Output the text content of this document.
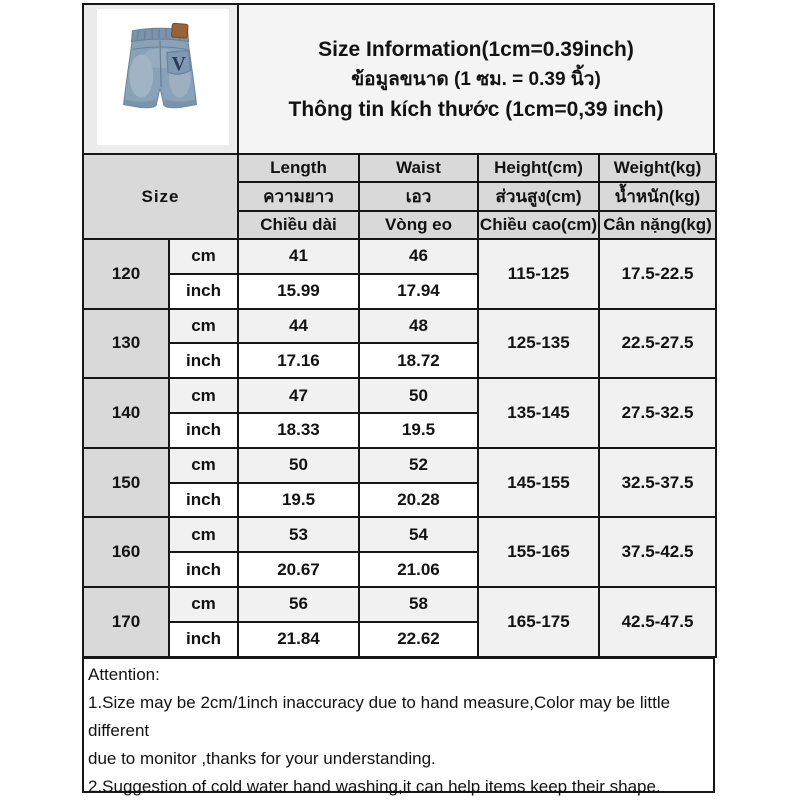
V
Size Information(1cm=0.39inch)
ข้อมูลขนาด (1 ซม. = 0.39 นิ้ว)
Thông tin kích thước (1cm=0,39 inch)
Size		Length	Waist	Height(cm)	Weight(kg)
		ความยาว	เอว	ส่วนสูง(cm)	น้ำหนัก(kg)
		Chiều dài	Vòng eo	Chiều cao(cm)	Cân nặng(kg)
120	cm	41	46	115-125	17.5-22.5
	inch	15.99	17.94		
130	cm	44	48	125-135	22.5-27.5
	inch	17.16	18.72		
140	cm	47	50	135-145	27.5-32.5
	inch	18.33	19.5		
150	cm	50	52	145-155	32.5-37.5
	inch	19.5	20.28		
160	cm	53	54	155-165	37.5-42.5
	inch	20.67	21.06		
170	cm	56	58	165-175	42.5-47.5
	inch	21.84	22.62		
Attention:
1.Size may be 2cm/1inch inaccuracy due to hand measure,Color may be little different
due to monitor ,thanks for your understanding.
2.Suggestion of cold water hand washing,it can help items keep their shape.
